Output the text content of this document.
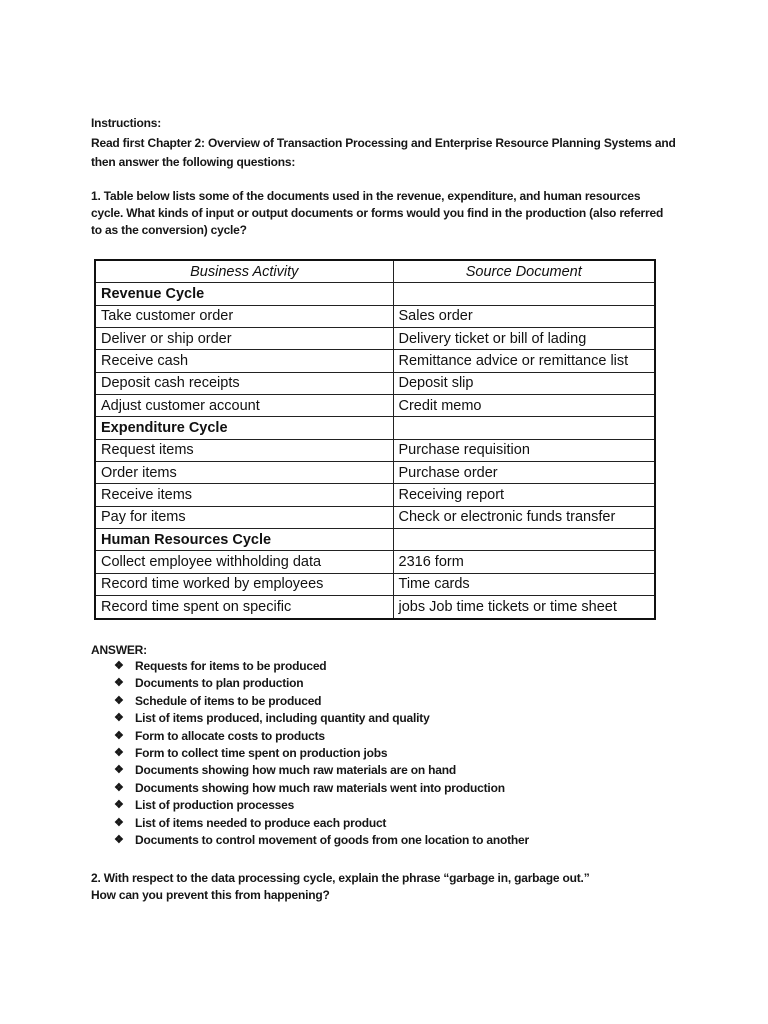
Instructions:
Read first Chapter 2: Overview of Transaction Processing and Enterprise Resource Planning Systems and
then answer the following questions:
1. Table below lists some of the documents used in the revenue, expenditure, and human resources
cycle. What kinds of input or output documents or forms would you find in the production (also referred
to as the conversion) cycle?
Business Activity	Source Document
Revenue Cycle	
Take customer order	Sales order
Deliver or ship order	Delivery ticket or bill of lading
Receive cash	Remittance advice or remittance list
Deposit cash receipts	Deposit slip
Adjust customer account	Credit memo
Expenditure Cycle	
Request items	Purchase requisition
Order items	Purchase order
Receive items	Receiving report
Pay for items	Check or electronic funds transfer
Human Resources Cycle	
Collect employee withholding data	2316 form
Record time worked by employees	Time cards
Record time spent on specific	jobs Job time tickets or time sheet
ANSWER:
❖ Requests for items to be produced
❖ Documents to plan production
❖ Schedule of items to be produced
❖ List of items produced, including quantity and quality
❖ Form to allocate costs to products
❖ Form to collect time spent on production jobs
❖ Documents showing how much raw materials are on hand
❖ Documents showing how much raw materials went into production
❖ List of production processes
❖ List of items needed to produce each product
❖ Documents to control movement of goods from one location to another
2. With respect to the data processing cycle, explain the phrase “garbage in, garbage out.”
How can you prevent this from happening?
